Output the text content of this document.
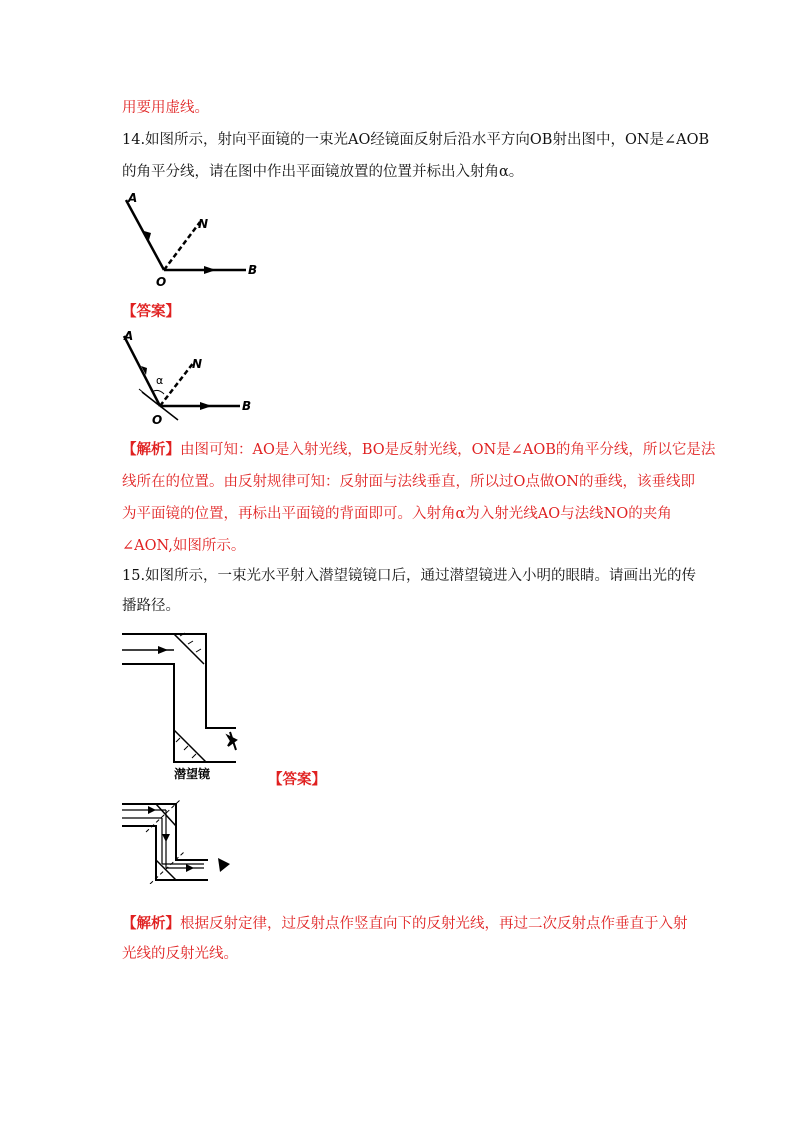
用要用虚线。
14.如图所示，射向平面镜的一束光AO经镜面反射后沿水平方向OB射出图中，ON是∠AOB
的角平分线，请在图中作出平面镜放置的位置并标出入射角α。
A
N
O
B
【答案】
α
A
N
O
B
【解析】由图可知：AO是入射光线，BO是反射光线，ON是∠AOB的角平分线，所以它是法
线所在的位置。由反射规律可知：反射面与法线垂直，所以过O点做ON的垂线，该垂线即
为平面镜的位置，再标出平面镜的背面即可。入射角α为入射光线AO与法线NO的夹角
∠AON,如图所示。
15.如图所示，一束光水平射入潜望镜镜口后，通过潜望镜进入小明的眼睛。请画出光的传
播路径。
潜望镜	【答案】
【解析】根据反射定律，过反射点作竖直向下的反射光线，再过二次反射点作垂直于入射
光线的反射光线。
